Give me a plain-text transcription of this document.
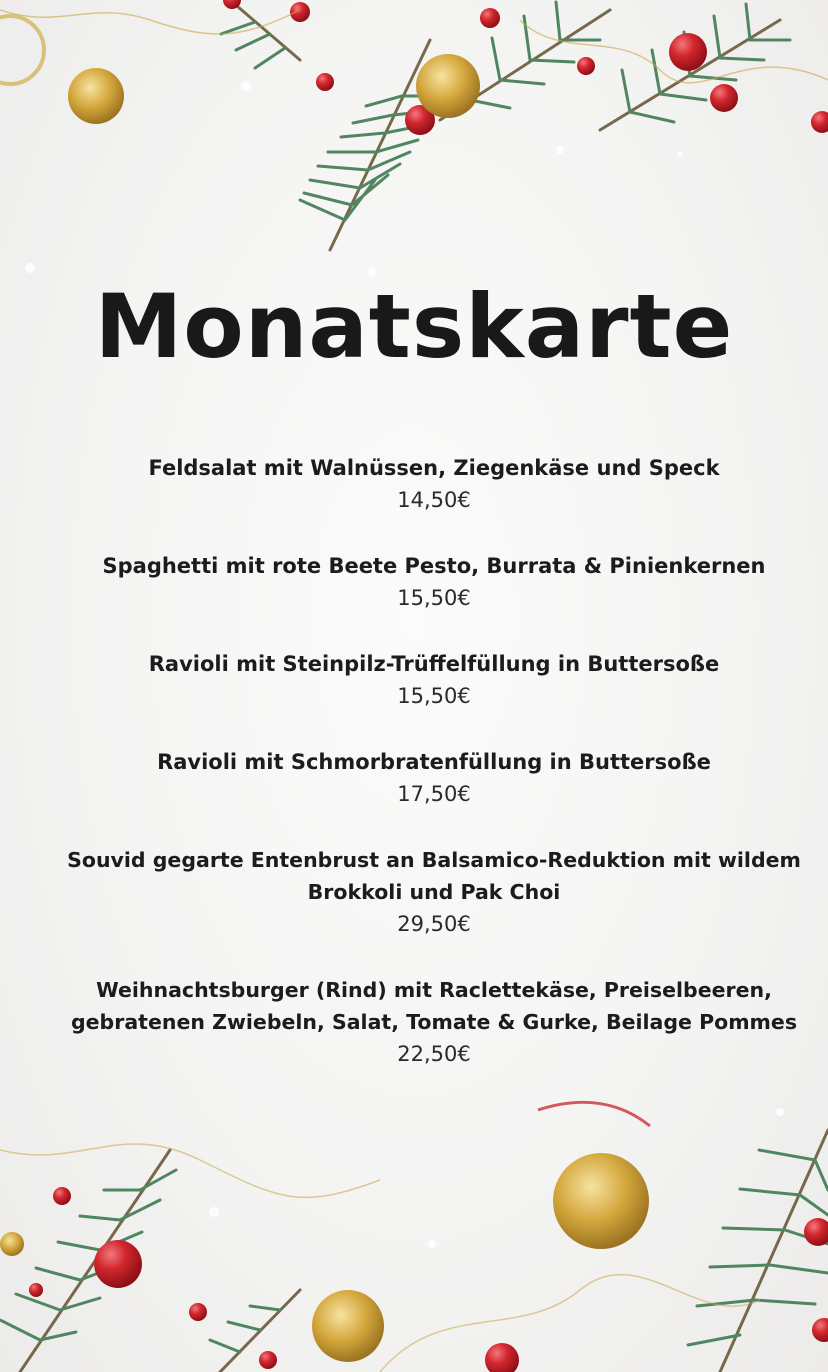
Monatskarte
Feldsalat mit Walnüssen, Ziegenkäse und Speck
14,50€
Spaghetti mit rote Beete Pesto, Burrata & Pinienkernen
15,50€
Ravioli mit Steinpilz-Trüffelfüllung in Buttersoße
15,50€
Ravioli mit Schmorbratenfüllung in Buttersoße
17,50€
Souvid gegarte Entenbrust an Balsamico-Reduktion mit wildem
Brokkoli und Pak Choi
29,50€
Weihnachtsburger (Rind) mit Raclettekäse, Preiselbeeren,
gebratenen Zwiebeln, Salat, Tomate & Gurke, Beilage Pommes
22,50€
